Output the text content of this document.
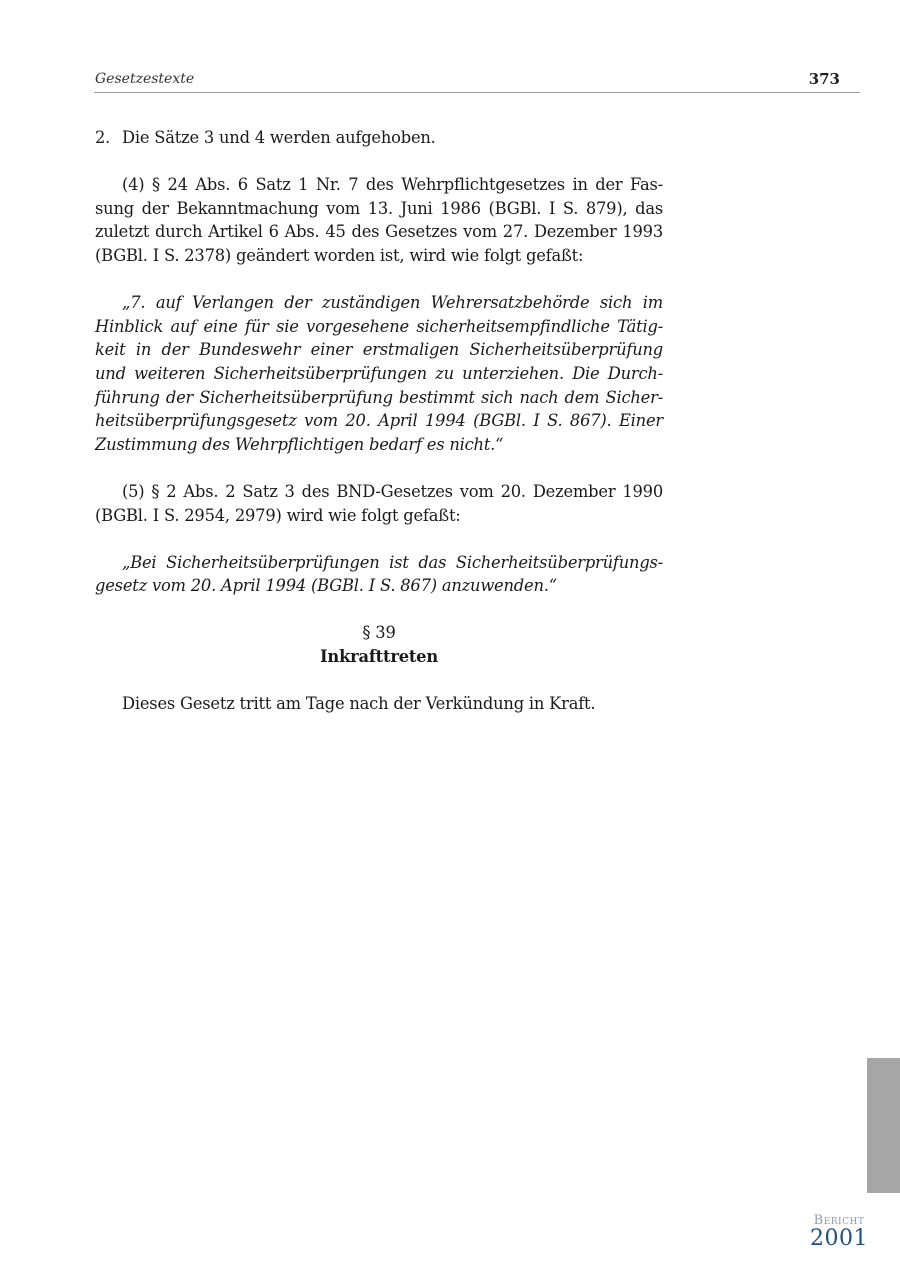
Gesetzestexte	373
2. Die Sätze 3 und 4 werden aufgehoben.
(4) § 24 Abs. 6 Satz 1 Nr. 7 des Wehrpflichtgesetzes in der Fas-
sung der Bekanntmachung vom 13. Juni 1986 (BGBl. I S. 879), das
zuletzt durch Artikel 6 Abs. 45 des Gesetzes vom 27. Dezember 1993
(BGBl. I S. 2378) geändert worden ist, wird wie folgt gefaßt:
„7. auf Verlangen der zuständigen Wehrersatzbehörde sich im
Hinblick auf eine für sie vorgesehene sicherheitsempfindliche Tätig-
keit in der Bundeswehr einer erstmaligen Sicherheitsüberprüfung
und weiteren Sicherheitsüberprüfungen zu unterziehen. Die Durch-
führung der Sicherheitsüberprüfung bestimmt sich nach dem Sicher-
heitsüberprüfungsgesetz vom 20. April 1994 (BGBl. I S. 867). Einer
Zustimmung des Wehrpflichtigen bedarf es nicht.“
(5) § 2 Abs. 2 Satz 3 des BND-Gesetzes vom 20. Dezember 1990
(BGBl. I S. 2954, 2979) wird wie folgt gefaßt:
„Bei Sicherheitsüberprüfungen ist das Sicherheitsüberprüfungs-
gesetz vom 20. April 1994 (BGBl. I S. 867) anzuwenden.“
§ 39
Inkrafttreten

Dieses Gesetz tritt am Tage nach der Verkündung in Kraft.

Bericht
2001
